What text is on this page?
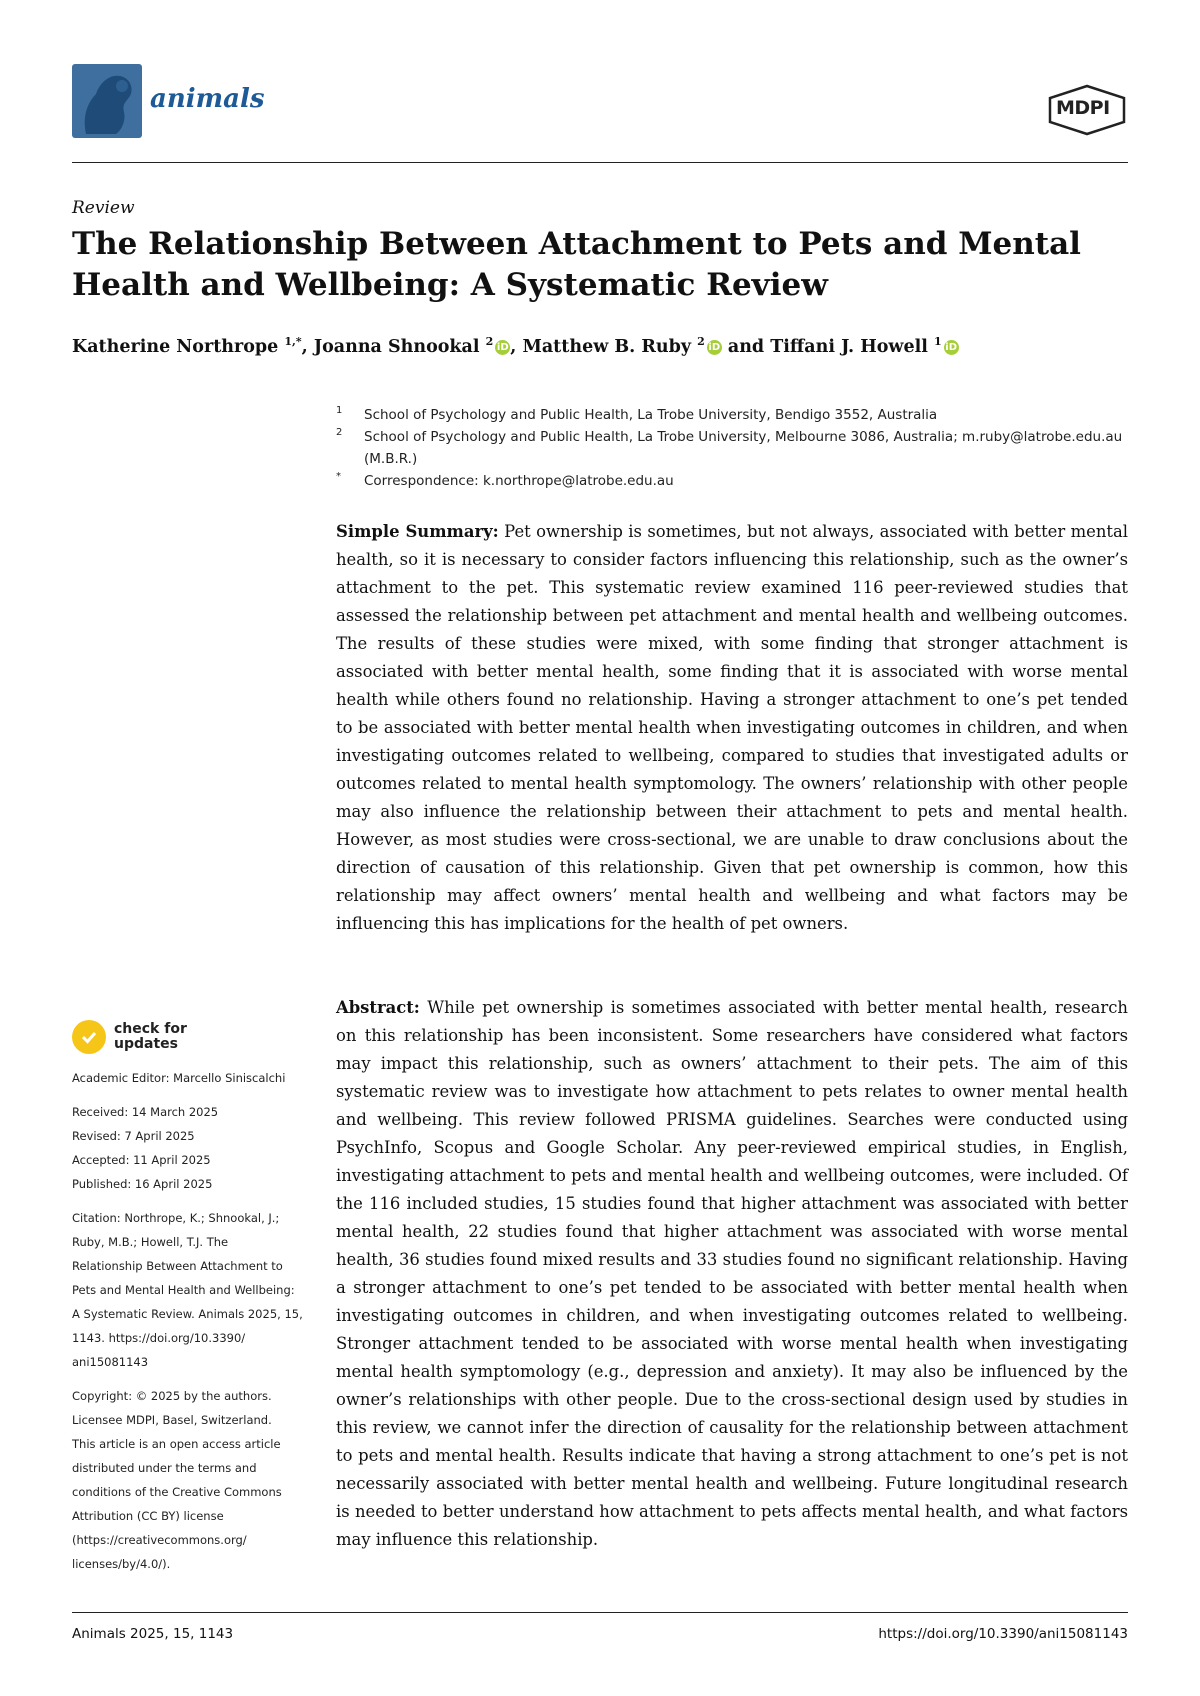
animals	MDPI
Review
The Relationship Between Attachment to Pets and Mental Health and Wellbeing: A Systematic Review
Katherine Northrope $^{1,*}$, Joanna Shnookal $^2$ iD, Matthew B. Ruby $^2$ iD and Tiffani J. Howell $^1$ iD
1 School of Psychology and Public Health, La Trobe University, Bendigo 3552, Australia
2 School of Psychology and Public Health, La Trobe University, Melbourne 3086, Australia; m.ruby@latrobe.edu.au (M.B.R.)
* Correspondence: k.northrope@latrobe.edu.au
Simple Summary: Pet ownership is sometimes, but not always, associated with better mental health, so it is necessary to consider factors influencing this relationship, such as the owner’s attachment to the pet. This systematic review examined 116 peer-reviewed studies that assessed the relationship between pet attachment and mental health and wellbeing outcomes. The results of these studies were mixed, with some finding that stronger attachment is associated with better mental health, some finding that it is associated with worse mental health while others found no relationship. Having a stronger attachment to one’s pet tended to be associated with better mental health when investigating outcomes in children, and when investigating outcomes related to wellbeing, compared to studies that investigated adults or outcomes related to mental health symptomology. The owners’ relationship with other people may also influence the relationship between their attachment to pets and mental health. However, as most studies were cross-sectional, we are unable to draw conclusions about the direction of causation of this relationship. Given that pet ownership is common, how this relationship may affect owners’ mental health and wellbeing and what factors may be influencing this has implications for the health of pet owners.
Abstract: While pet ownership is sometimes associated with better mental health, research on this relationship has been inconsistent. Some researchers have considered what factors may impact this relationship, such as owners’ attachment to their pets. The aim of this systematic review was to investigate how attachment to pets relates to owner mental health and wellbeing. This review followed PRISMA guidelines. Searches were conducted using PsychInfo, Scopus and Google Scholar. Any peer-reviewed empirical studies, in English, investigating attachment to pets and mental health and wellbeing outcomes, were included. Of the 116 included studies, 15 studies found that higher attachment was associated with better mental health, 22 studies found that higher attachment was associated with worse mental health, 36 studies found mixed results and 33 studies found no significant relationship. Having a stronger attachment to one’s pet tended to be associated with better mental health when investigating outcomes in children, and when investigating outcomes related to wellbeing. Stronger attachment tended to be associated with worse mental health when investigating mental health symptomology (e.g., depression and anxiety). It may also be influenced by the owner’s relationships with other people. Due to the cross-sectional design used by studies in this review, we cannot infer the direction of causality for the relationship between attachment to pets and mental health. Results indicate that having a strong attachment to one’s pet is not necessarily associated with better mental health and wellbeing. Future longitudinal research is needed to better understand how attachment to pets affects mental health, and what factors may influence this relationship.
check for
updates
Academic Editor: Marcello Siniscalchi
Received: 14 March 2025
Revised: 7 April 2025
Accepted: 11 April 2025
Published: 16 April 2025
Citation: Northrope, K.; Shnookal, J.;
Ruby, M.B.; Howell, T.J. The
Relationship Between Attachment to
Pets and Mental Health and Wellbeing:
A Systematic Review. Animals 2025, 15,
1143. https://doi.org/10.3390/
ani15081143
Copyright: © 2025 by the authors.
Licensee MDPI, Basel, Switzerland.
This article is an open access article
distributed under the terms and
conditions of the Creative Commons
Attribution (CC BY) license
(https://creativecommons.org/
licenses/by/4.0/).
Animals 2025, 15, 1143	https://doi.org/10.3390/ani15081143
